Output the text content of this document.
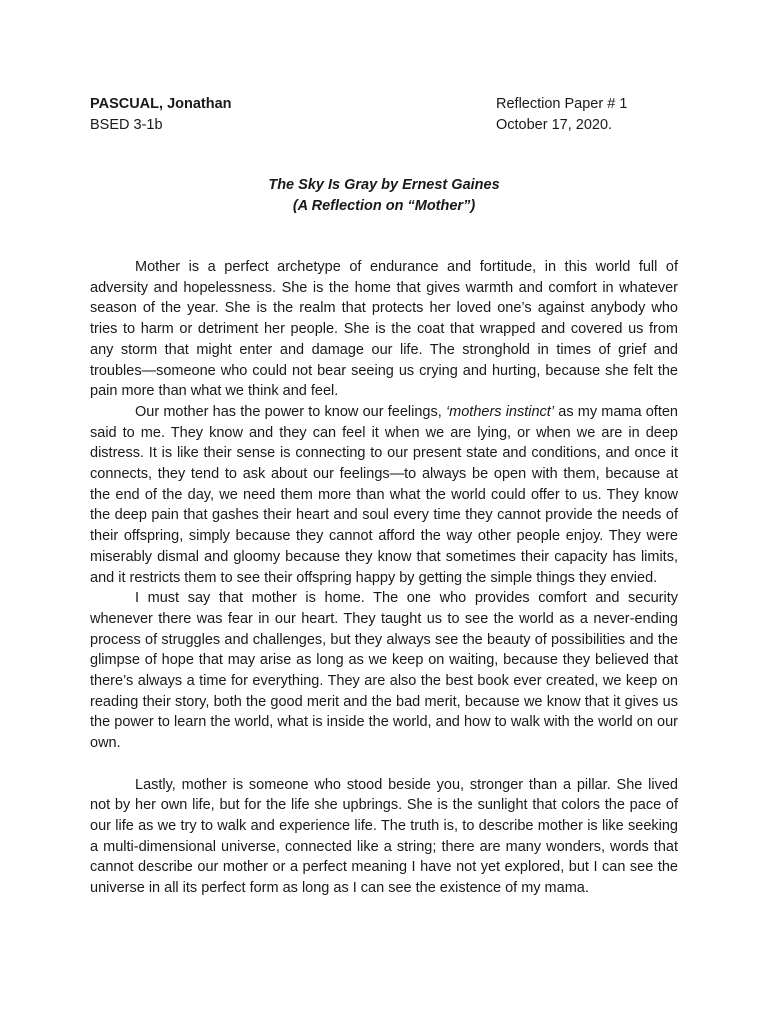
PASCUAL, Jonathan	Reflection Paper # 1
BSED 3-1b	October 17, 2020.
The Sky Is Gray by Ernest Gaines
(A Reflection on “Mother”)

Mother is a perfect archetype of endurance and fortitude, in this world full of adversity and hopelessness. She is the home that gives warmth and comfort in whatever season of the year. She is the realm that protects her loved one’s against anybody who tries to harm or detriment her people. She is the coat that wrapped and covered us from any storm that might enter and damage our life. The stronghold in times of grief and troubles—someone who could not bear seeing us crying and hurting, because she felt the pain more than what we think and feel.

Our mother has the power to know our feelings, ‘mothers instinct’ as my mama often said to me. They know and they can feel it when we are lying, or when we are in deep distress. It is like their sense is connecting to our present state and conditions, and once it connects, they tend to ask about our feelings—to always be open with them, because at the end of the day, we need them more than what the world could offer to us. They know the deep pain that gashes their heart and soul every time they cannot provide the needs of their offspring, simply because they cannot afford the way other people enjoy. They were miserably dismal and gloomy because they know that sometimes their capacity has limits, and it restricts them to see their offspring happy by getting the simple things they envied.

I must say that mother is home. The one who provides comfort and security whenever there was fear in our heart. They taught us to see the world as a never-ending process of struggles and challenges, but they always see the beauty of possibilities and the glimpse of hope that may arise as long as we keep on waiting, because they believed that there’s always a time for everything. They are also the best book ever created, we keep on reading their story, both the good merit and the bad merit, because we know that it gives us the power to learn the world, what is inside the world, and how to walk with the world on our own.

Lastly, mother is someone who stood beside you, stronger than a pillar. She lived not by her own life, but for the life she upbrings. She is the sunlight that colors the pace of our life as we try to walk and experience life. The truth is, to describe mother is like seeking a multi-dimensional universe, connected like a string; there are many wonders, words that cannot describe our mother or a perfect meaning I have not yet explored, but I can see the universe in all its perfect form as long as I can see the existence of my mama.
